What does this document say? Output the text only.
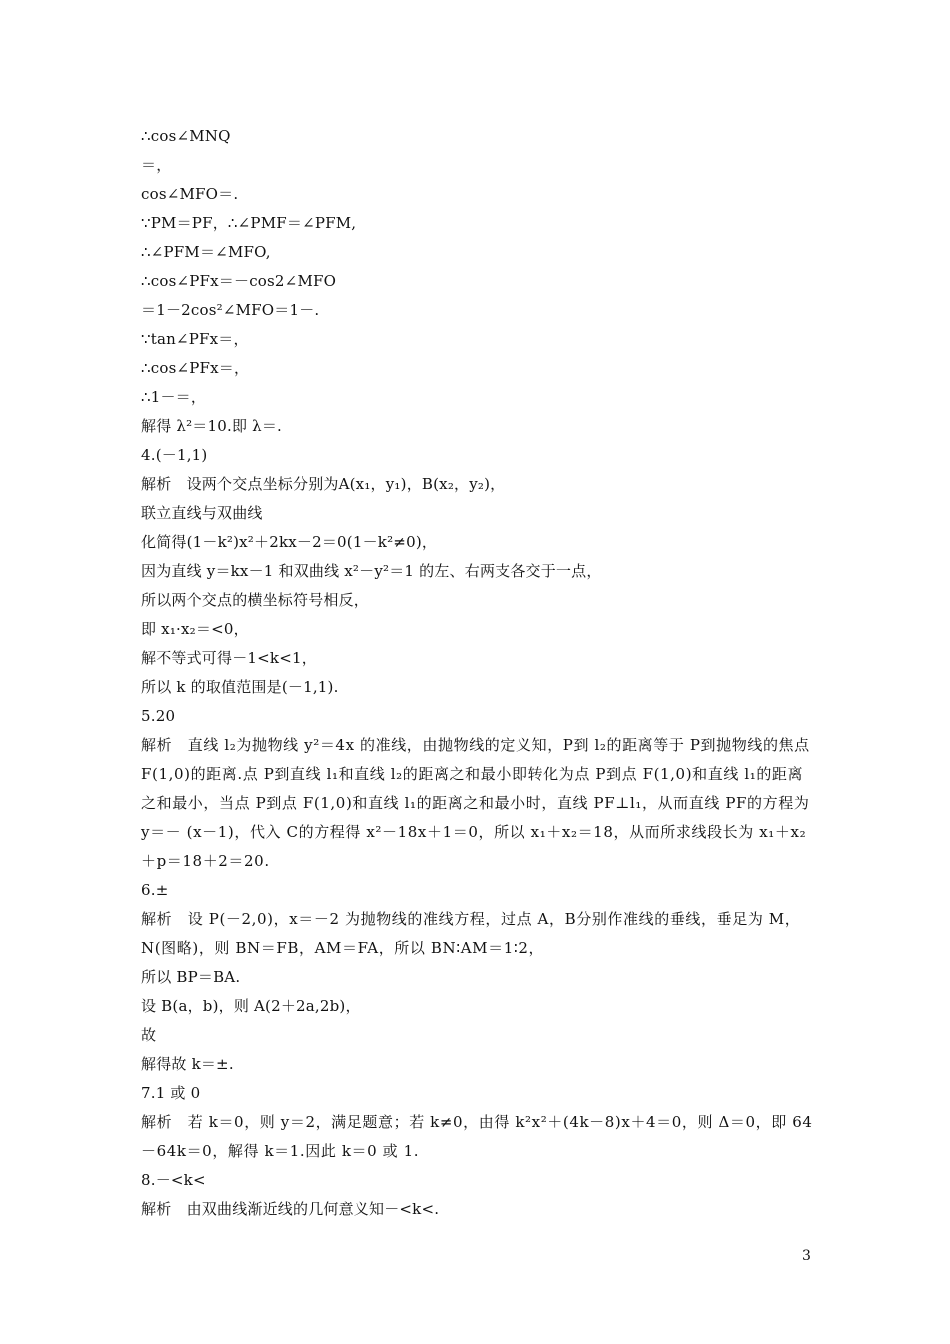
∴cos∠MNQ
＝，
cos∠MFO＝.
∵PM＝PF，∴∠PMF＝∠PFM,
∴∠PFM＝∠MFO,
∴cos∠PFx＝－cos2∠MFO
＝1－2cos²∠MFO＝1－.
∵tan∠PFx＝，
∴cos∠PFx＝，
∴1－＝，
解得 λ²＝10.即 λ＝.
4.(－1,1)
解析　设两个交点坐标分别为A(x₁，y₁)，B(x₂，y₂)，
联立直线与双曲线
化简得(1－k²)x²＋2kx－2＝0(1－k²≠0)，
因为直线 y＝kx－1 和双曲线 x²－y²＝1 的左、右两支各交于一点，
所以两个交点的横坐标符号相反，
即 x₁·x₂＝<0，
解不等式可得－1<k<1，
所以 k 的取值范围是(－1,1).
5.20
解析　直线 l₂为抛物线 y²＝4x 的准线，由抛物线的定义知，P到 l₂的距离等于 P到抛物线的焦点 F(1,0)的距离.点 P到直线 l₁和直线 l₂的距离之和最小即转化为点 P到点 F(1,0)和直线 l₁的距离之和最小，当点 P到点 F(1,0)和直线 l₁的距离之和最小时，直线 PF⊥l₁，从而直线 PF的方程为 y＝－ (x－1)，代入 C的方程得 x²－18x＋1＝0，所以 x₁＋x₂＝18，从而所求线段长为 x₁＋x₂＋p＝18＋2＝20.
6.±
解析　设 P(－2,0)，x＝－2 为抛物线的准线方程，过点 A，B分别作准线的垂线，垂足为 M，N(图略)，则 BN＝FB，AM＝FA，所以 BN∶AM＝1∶2，
所以 BP＝BA.
设 B(a，b)，则 A(2＋2a,2b)，
故
解得故 k＝±.
7.1 或 0
解析　若 k＝0，则 y＝2，满足题意；若 k≠0，由得 k²x²＋(4k－8)x＋4＝0，则 Δ＝0，即 64－64k＝0，解得 k＝1.因此 k＝0 或 1.
8.－<k<
解析　由双曲线渐近线的几何意义知－<k<.
3
